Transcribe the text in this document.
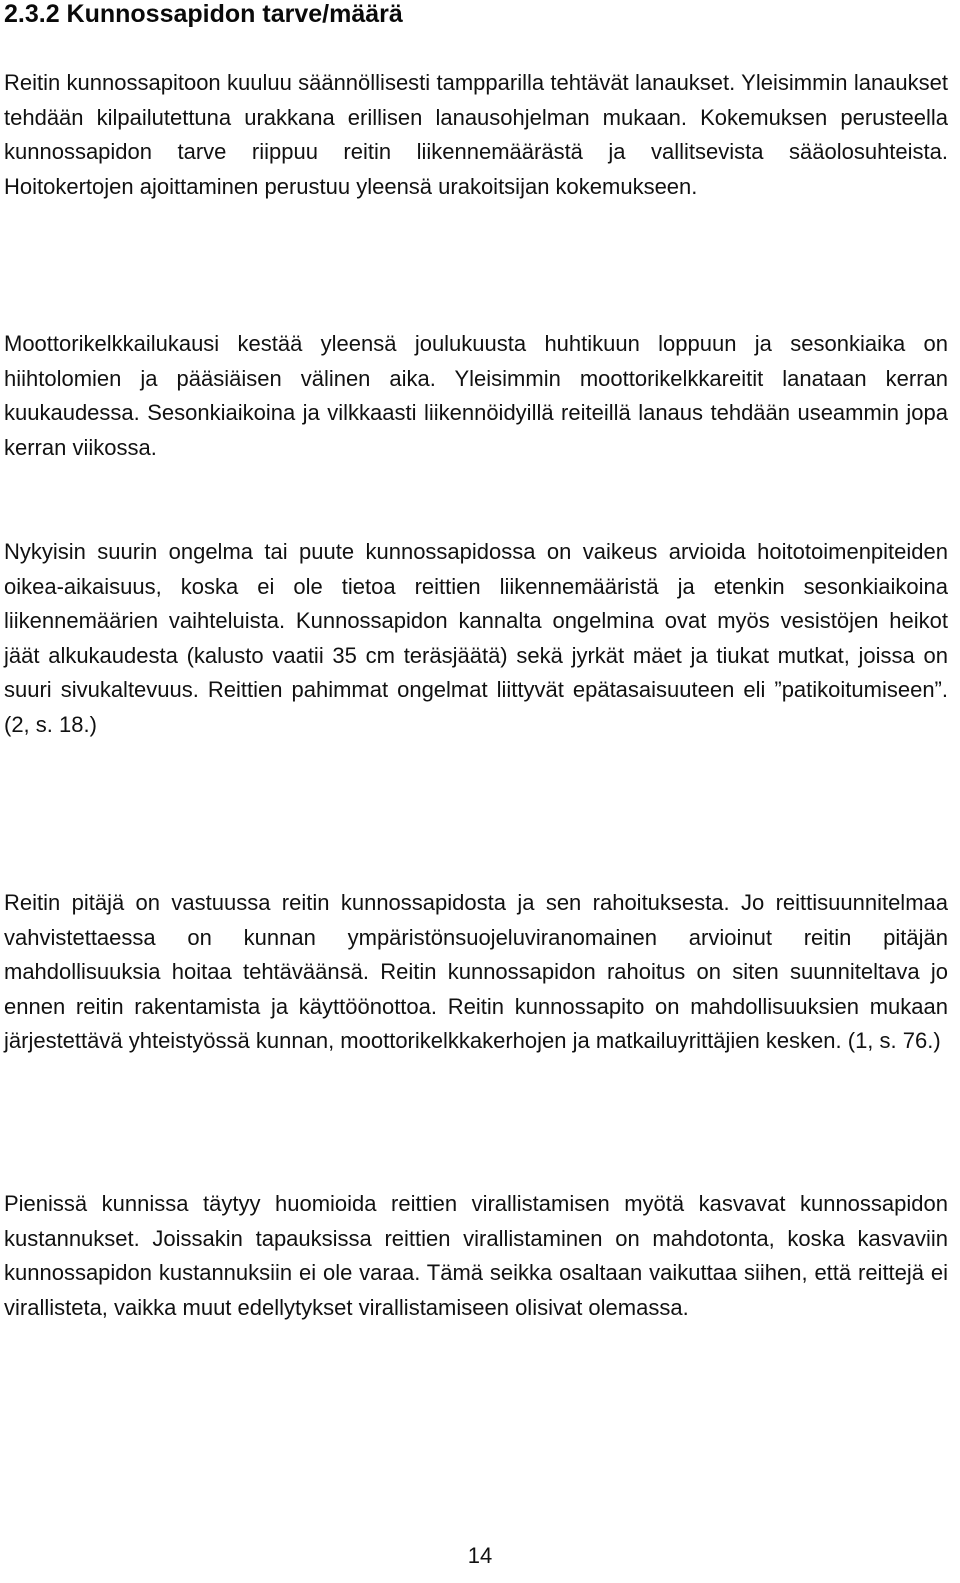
2.3.2 Kunnossapidon tarve/määrä

Reitin kunnossapitoon kuuluu säännöllisesti tampparilla tehtävät lanaukset. Yleisimmin lanaukset tehdään kilpailutettuna urakkana erillisen lanausohjelman mukaan. Kokemuksen perusteella kunnossapidon tarve riippuu reitin liikennemäärästä ja vallitsevista sääolosuhteista. Hoitokertojen ajoittaminen perustuu yleensä urakoitsijan kokemukseen.

Moottorikelkkailukausi kestää yleensä joulukuusta huhtikuun loppuun ja sesonkiaika on hiihtolomien ja pääsiäisen välinen aika. Yleisimmin moottorikelkkareitit lanataan kerran kuukaudessa. Sesonkiaikoina ja vilkkaasti liikennöidyillä reiteillä lanaus tehdään useammin jopa kerran viikossa.

Nykyisin suurin ongelma tai puute kunnossapidossa on vaikeus arvioida hoitotoimenpiteiden oikea-aikaisuus, koska ei ole tietoa reittien liikennemääristä ja etenkin sesonkiaikoina liikennemäärien vaihteluista. Kunnossapidon kannalta ongelmina ovat myös vesistöjen heikot jäät alkukaudesta (kalusto vaatii 35 cm teräsjäätä) sekä jyrkät mäet ja tiukat mutkat, joissa on suuri sivukaltevuus. Reittien pahimmat ongelmat liittyvät epätasaisuuteen eli ”patikoitumiseen”. (2, s. 18.)

Reitin pitäjä on vastuussa reitin kunnossapidosta ja sen rahoituksesta. Jo reittisuunnitelmaa vahvistettaessa on kunnan ympäristönsuojeluviranomainen arvioinut reitin pitäjän mahdollisuuksia hoitaa tehtäväänsä. Reitin kunnossapidon rahoitus on siten suunniteltava jo ennen reitin rakentamista ja käyttöönottoa. Reitin kunnossapito on mahdollisuuksien mukaan järjestettävä yhteistyössä kunnan, moottorikelkkakerhojen ja matkailuyrittäjien kesken. (1, s. 76.)

Pienissä kunnissa täytyy huomioida reittien virallistamisen myötä kasvavat kunnossapidon kustannukset. Joissakin tapauksissa reittien virallistaminen on mahdotonta, koska kasvaviin kunnossapidon kustannuksiin ei ole varaa. Tämä seikka osaltaan vaikuttaa siihen, että reittejä ei virallisteta, vaikka muut edellytykset virallistamiseen olisivat olemassa.

14
